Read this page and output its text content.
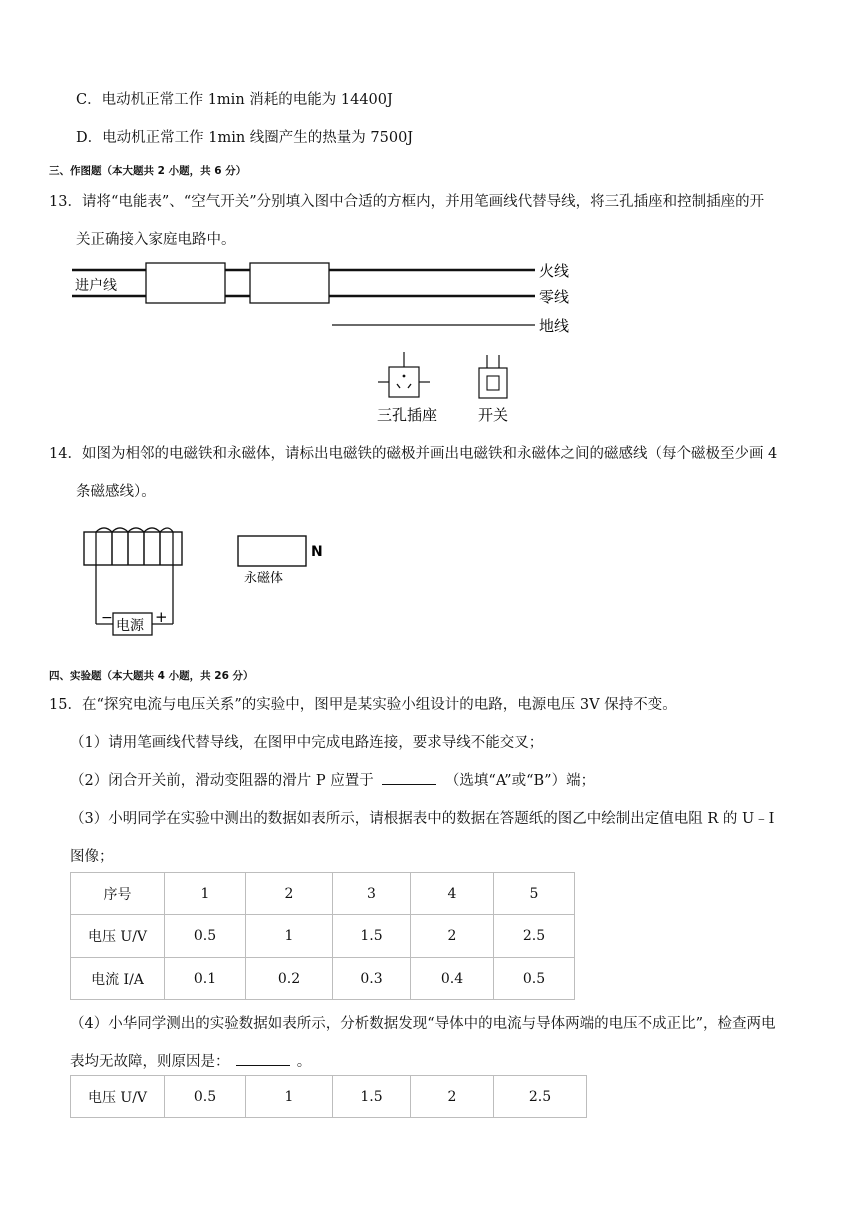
C．电动机正常工作 1min 消耗的电能为 14400J
D．电动机正常工作 1min 线圈产生的热量为 7500J
三、作图题（本大题共 2 小题，共 6 分）
13．请将“电能表”、“空气开关”分别填入图中合适的方框内，并用笔画线代替导线，将三孔插座和控制插座的开
关正确接入家庭电路中。
进户线
火线
零线
地线
三孔插座	开关
电源
−	+
N
永磁体
14．如图为相邻的电磁铁和永磁体，请标出电磁铁的磁极并画出电磁铁和永磁体之间的磁感线（每个磁极至少画 4
条磁感线）。
四、实验题（本大题共 4 小题，共 26 分）
15．在“探究电流与电压关系”的实验中，图甲是某实验小组设计的电路，电源电压 3V 保持不变。
（1）请用笔画线代替导线，在图甲中完成电路连接，要求导线不能交叉；
（2）闭合开关前，滑动变阻器的滑片 P 应置于	（选填“A”或“B”）端；
（3）小明同学在实验中测出的数据如表所示，请根据表中的数据在答题纸的图乙中绘制出定值电阻 R 的 U﹣I
图像；
序号	1	2	3	4	5
电压 U/V	0.5	1	1.5	2	2.5
电流 I/A	0.1	0.2	0.3	0.4	0.5
（4）小华同学测出的实验数据如表所示，分析数据发现“导体中的电流与导体两端的电压不成正比”，检查两电
表均无故障，则原因是：	。
电压 U/V	0.5	1	1.5	2	2.5
